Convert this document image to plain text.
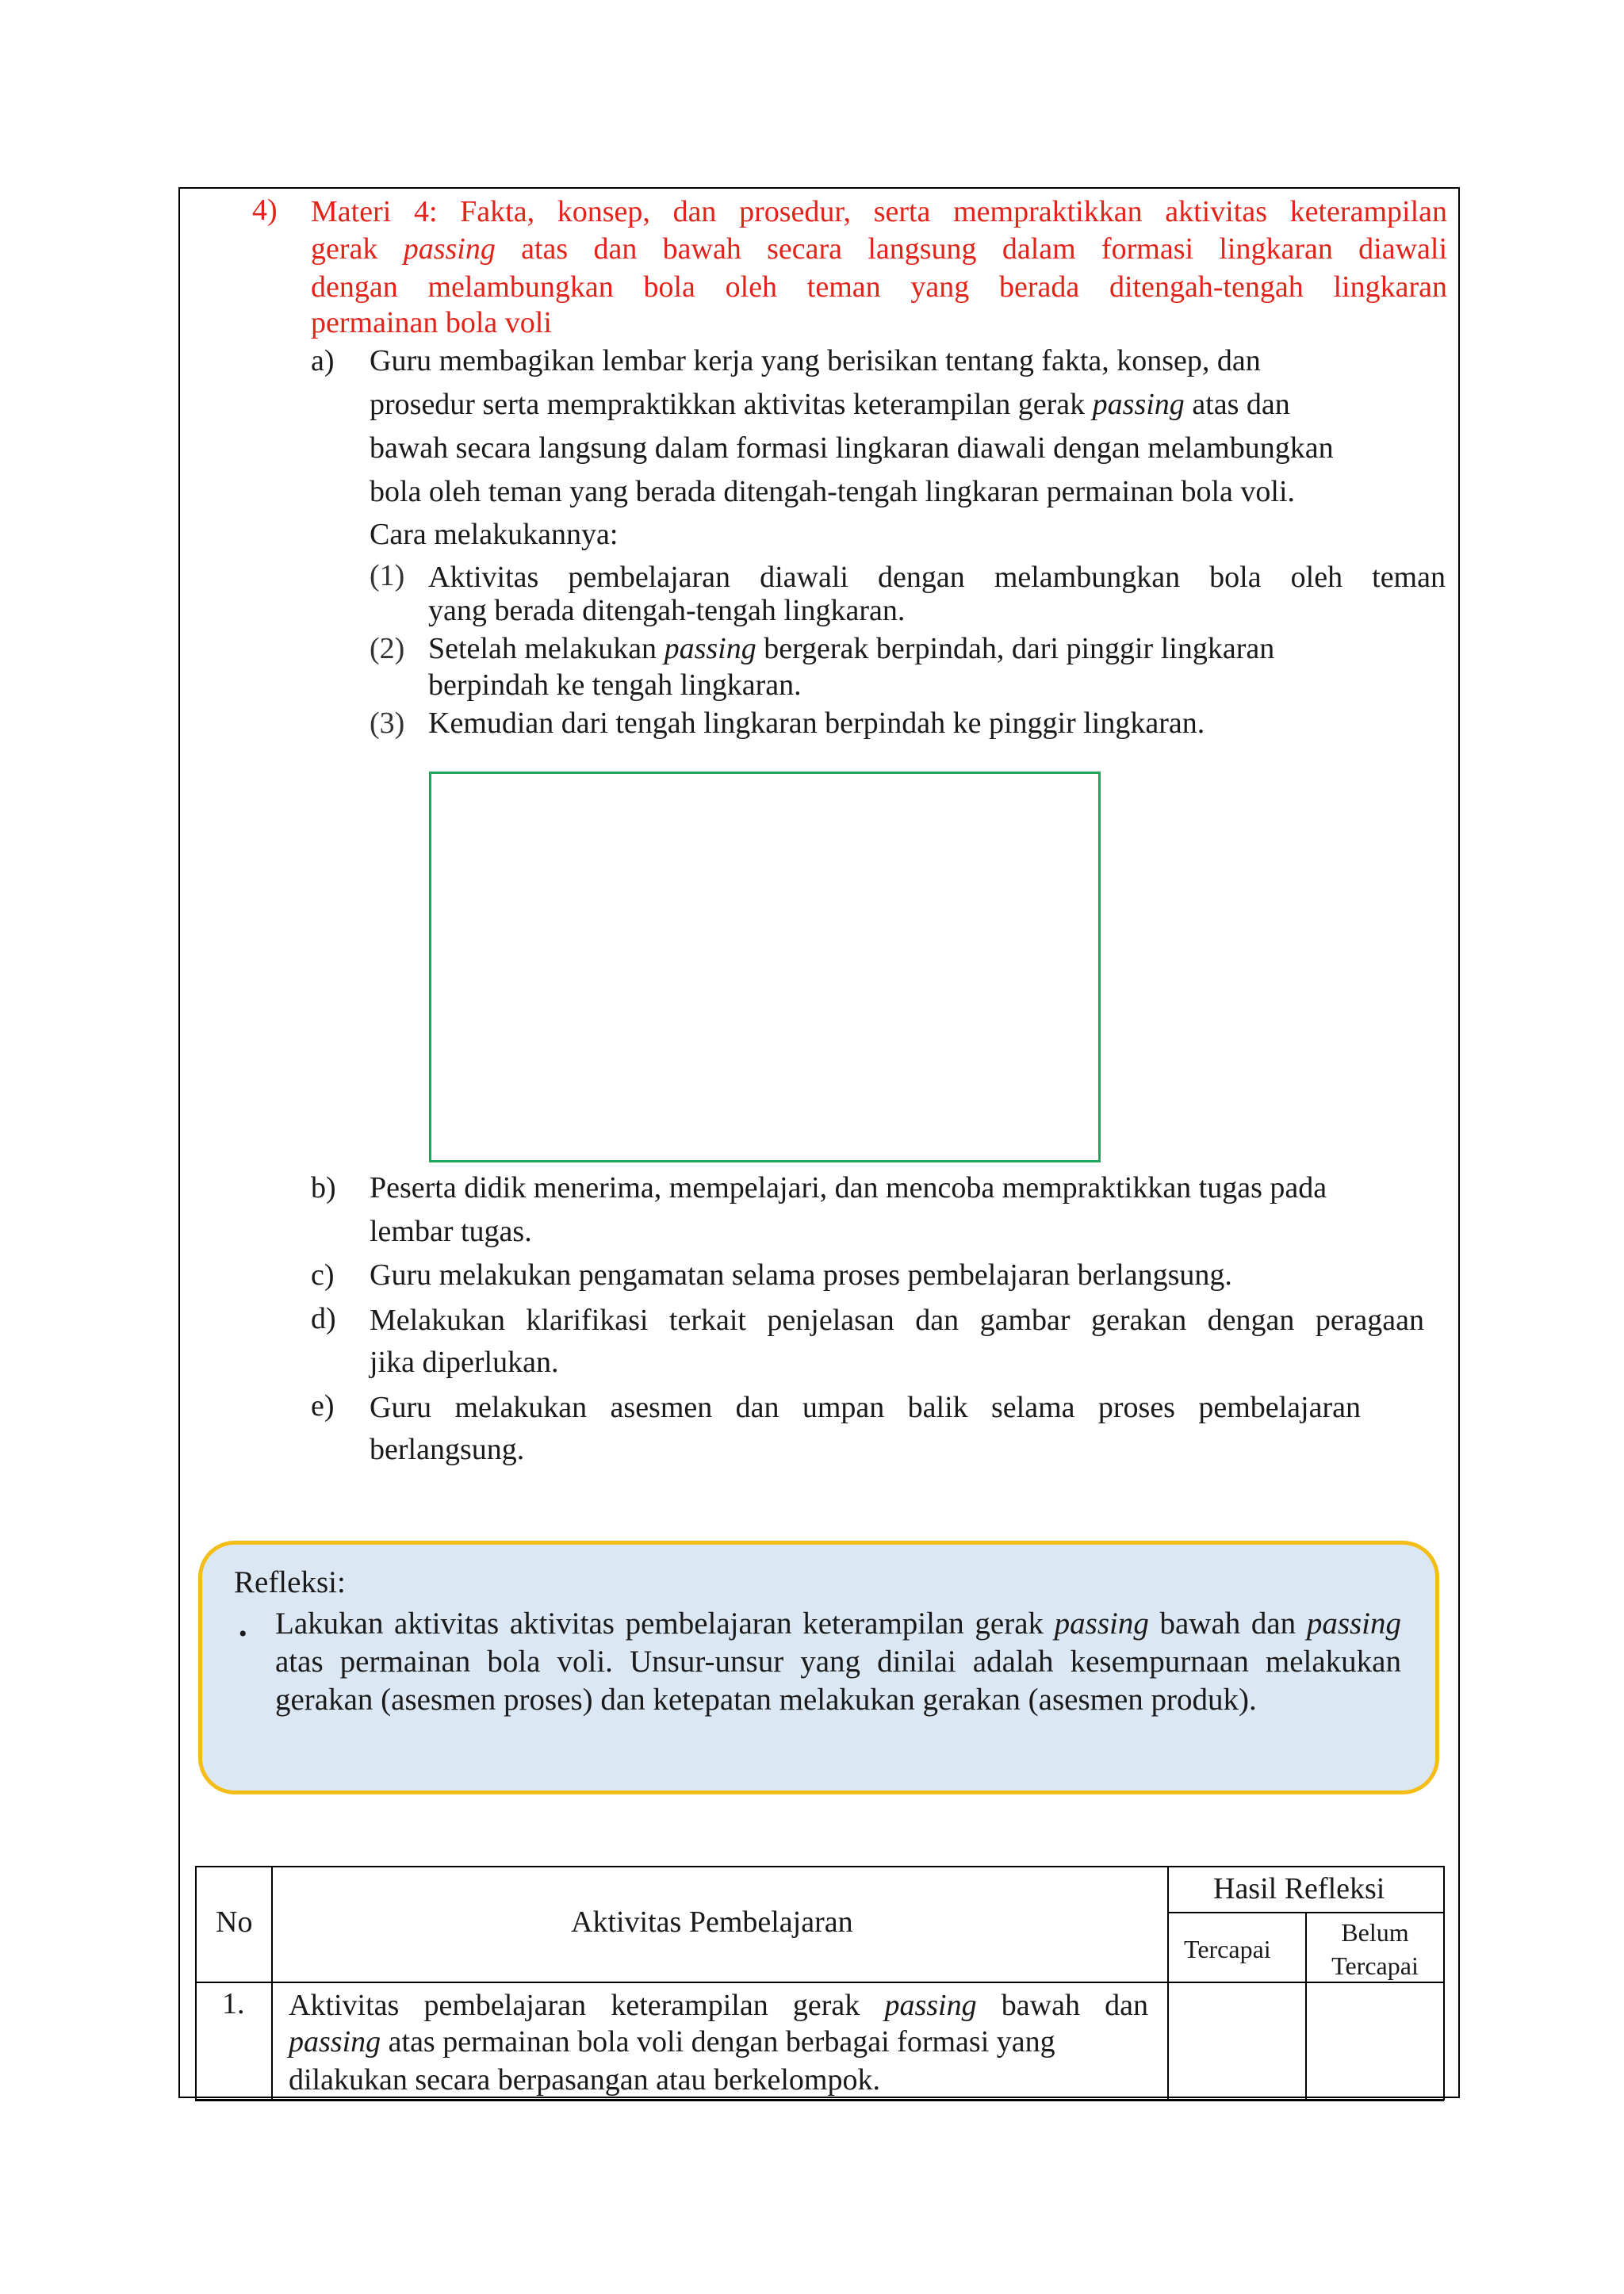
4) Materi 4: Fakta, konsep, dan prosedur, serta mempraktikkan aktivitas keterampilan
gerak passing atas dan bawah secara langsung dalam formasi lingkaran diawali
dengan melambungkan bola oleh teman yang berada ditengah-tengah lingkaran
permainan bola voli
a) Guru membagikan lembar kerja yang berisikan tentang fakta, konsep, dan
prosedur serta mempraktikkan aktivitas keterampilan gerak passing atas dan
bawah secara langsung dalam formasi lingkaran diawali dengan melambungkan
bola oleh teman yang berada ditengah-tengah lingkaran permainan bola voli.
Cara melakukannya:
(1) Aktivitas pembelajaran diawali dengan melambungkan bola oleh teman
yang berada ditengah-tengah lingkaran.
(2) Setelah melakukan passing bergerak berpindah, dari pinggir lingkaran
berpindah ke tengah lingkaran.
(3) Kemudian dari tengah lingkaran berpindah ke pinggir lingkaran.
b) Peserta didik menerima, mempelajari, dan mencoba mempraktikkan tugas pada
lembar tugas.
c) Guru melakukan pengamatan selama proses pembelajaran berlangsung.
d) Melakukan klarifikasi terkait penjelasan dan gambar gerakan dengan peragaan
jika diperlukan.
e) Guru melakukan asesmen dan umpan balik selama proses pembelajaran
berlangsung.
Refleksi:
• Lakukan aktivitas aktivitas pembelajaran keterampilan gerak passing bawah dan passing atas permainan bola voli. Unsur-unsur yang dinilai adalah kesempurnaan melakukan gerakan (asesmen proses) dan ketepatan melakukan gerakan (asesmen produk).
No	Aktivitas Pembelajaran
Hasil Refleksi
Tercapai
Belum
Tercapai
1. Aktivitas pembelajaran keterampilan gerak passing bawah dan
passing atas permainan bola voli dengan berbagai formasi yang
dilakukan secara berpasangan atau berkelompok.
